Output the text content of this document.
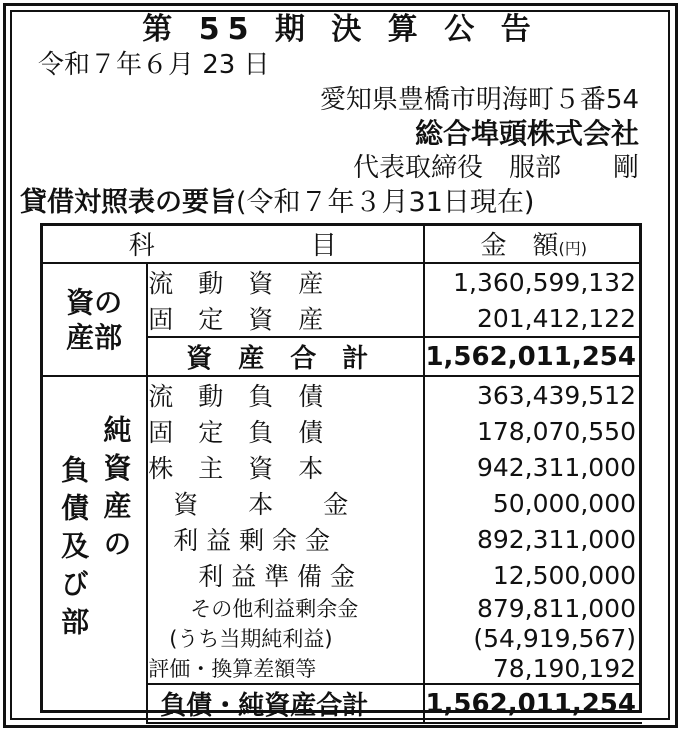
第 55 期 決 算 公 告
令和７年６月 23 日
愛知県豊橋市明海町５番54
総合埠頭株式会社
代表取締役　服部　　剛
貸借対照表の要旨(令和７年３月31日現在)
科　　　　　　目		金　額(円)

資の産部	流　動　資　産	1,360,599,132
	固　定　資　産	201,412,122
	資　産　合　計	1,562,011,254

純資産の
負債及び部	流　動　負　債	363,439,512
	固　定　負　債	178,070,550
	株　主　資　本	942,311,000
	　資　　本　　金	50,000,000
	　利 益 剰 余 金	892,311,000
	　　利 益 準 備 金	12,500,000
	　　その他利益剰余金	879,811,000
	　(うち当期純利益)	(54,919,567)
	評価・換算差額等	78,190,192
	負債・純資産合計	1,562,011,254
